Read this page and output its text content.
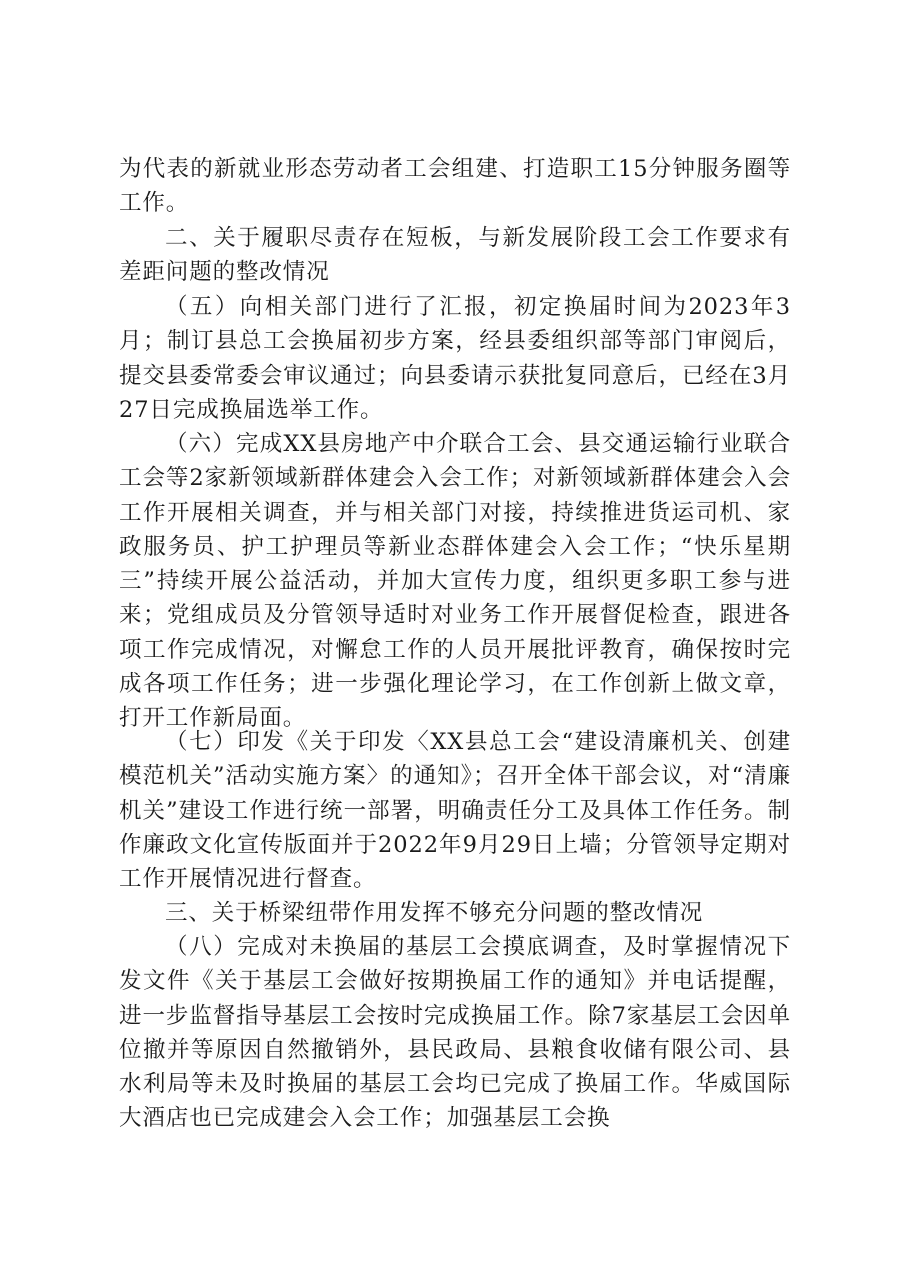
为代表的新就业形态劳动者工会组建、打造职工15分钟服务圈等工作。

二、关于履职尽责存在短板，与新发展阶段工会工作要求有差距问题的整改情况

（五）向相关部门进行了汇报，初定换届时间为2023年3月；制订县总工会换届初步方案，经县委组织部等部门审阅后，提交县委常委会审议通过；向县委请示获批复同意后，已经在3月27日完成换届选举工作。

（六）完成XX县房地产中介联合工会、县交通运输行业联合工会等2家新领域新群体建会入会工作；对新领域新群体建会入会工作开展相关调查，并与相关部门对接，持续推进货运司机、家政服务员、护工护理员等新业态群体建会入会工作；“快乐星期三”持续开展公益活动，并加大宣传力度，组织更多职工参与进来；党组成员及分管领导适时对业务工作开展督促检查，跟进各项工作完成情况，对懈怠工作的人员开展批评教育，确保按时完成各项工作任务；进一步强化理论学习，在工作创新上做文章，打开工作新局面。

（七）印发《关于印发〈XX县总工会“建设清廉机关、创建模范机关”活动实施方案〉的通知》；召开全体干部会议，对“清廉机关”建设工作进行统一部署，明确责任分工及具体工作任务。制作廉政文化宣传版面并于2022年9月29日上墙；分管领导定期对工作开展情况进行督查。

三、关于桥梁纽带作用发挥不够充分问题的整改情况

（八）完成对未换届的基层工会摸底调查，及时掌握情况下发文件《关于基层工会做好按期换届工作的通知》并电话提醒，进一步监督指导基层工会按时完成换届工作。除7家基层工会因单位撤并等原因自然撤销外，县民政局、县粮食收储有限公司、县水利局等未及时换届的基层工会均已完成了换届工作。华威国际大酒店也已完成建会入会工作；加强基层工会换
